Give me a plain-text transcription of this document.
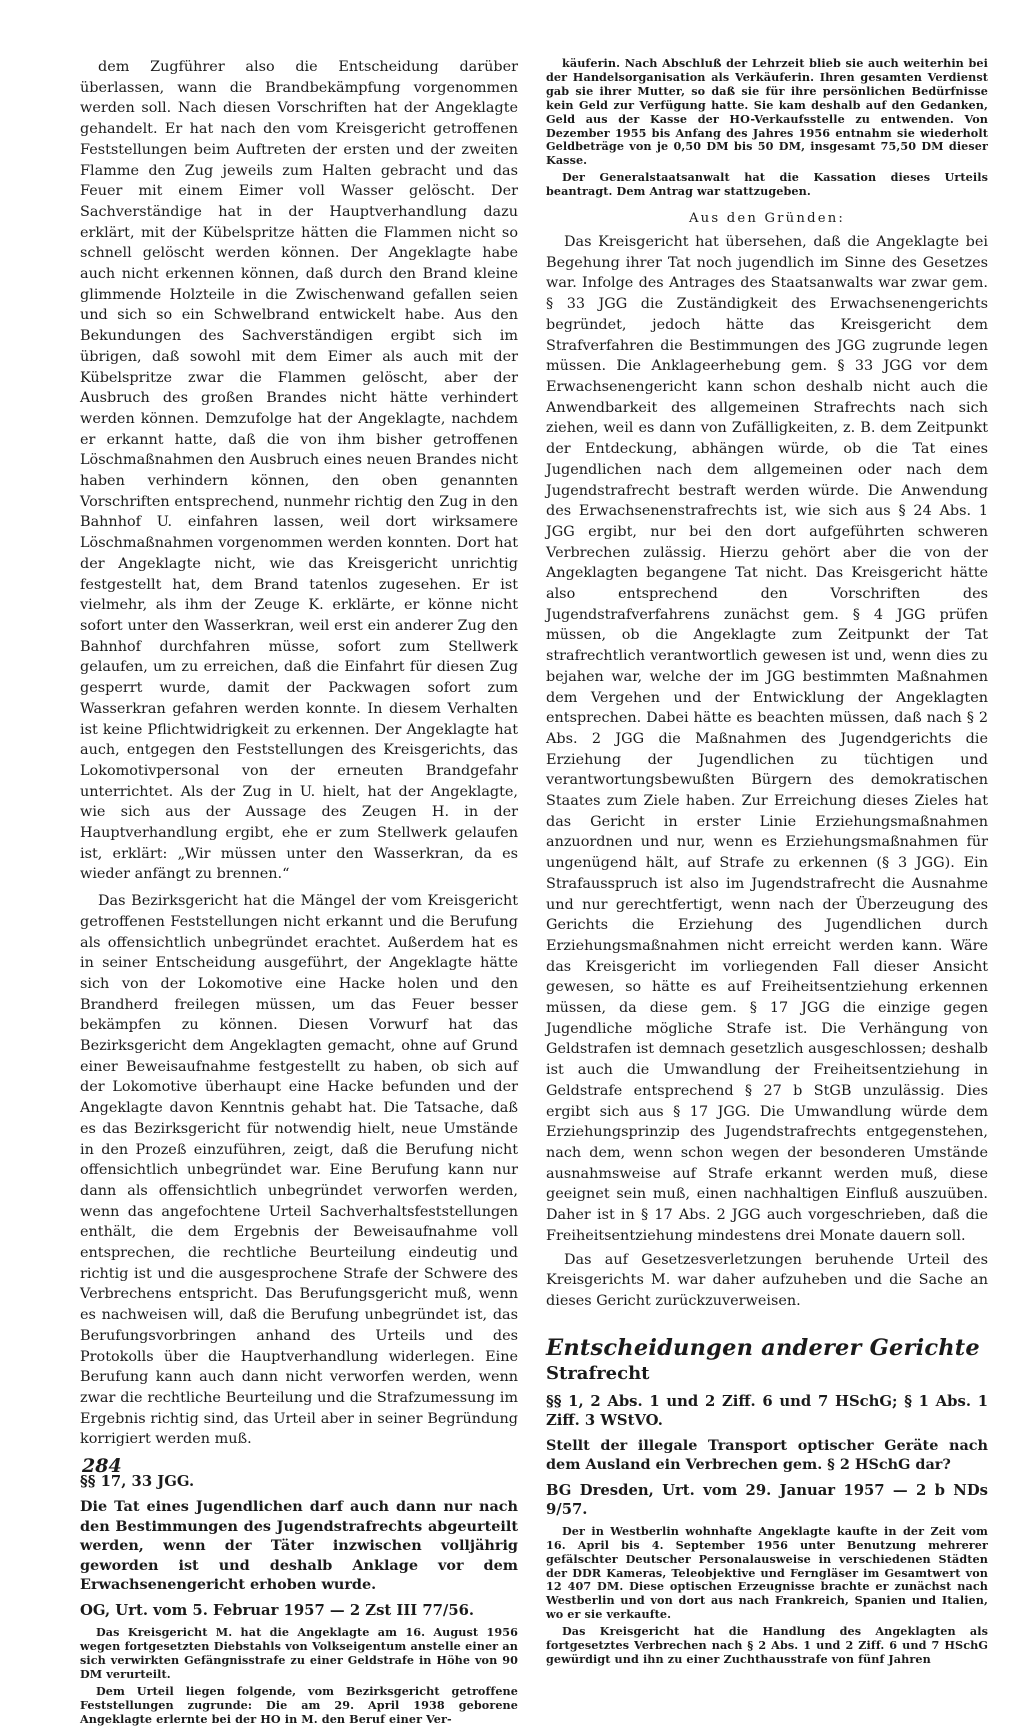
dem Zugführer also die Entscheidung darüber überlassen, wann die Brandbekämpfung vorgenommen werden soll. Nach diesen Vorschriften hat der Angeklagte gehandelt. Er hat nach den vom Kreisgericht getroffenen Feststellungen beim Auftreten der ersten und der zweiten Flamme den Zug jeweils zum Halten gebracht und das Feuer mit einem Eimer voll Wasser gelöscht. Der Sachverständige hat in der Hauptverhandlung dazu erklärt, mit der Kübelspritze hätten die Flammen nicht so schnell gelöscht werden können. Der Angeklagte habe auch nicht erkennen können, daß durch den Brand kleine glimmende Holzteile in die Zwischenwand gefallen seien und sich so ein Schwelbrand entwickelt habe. Aus den Bekundungen des Sachverständigen ergibt sich im übrigen, daß sowohl mit dem Eimer als auch mit der Kübelspritze zwar die Flammen gelöscht, aber der Ausbruch des großen Brandes nicht hätte verhindert werden können. Demzufolge hat der Angeklagte, nachdem er erkannt hatte, daß die von ihm bisher getroffenen Löschmaßnahmen den Ausbruch eines neuen Brandes nicht haben verhindern können, den oben genannten Vorschriften entsprechend, nunmehr richtig den Zug in den Bahnhof U. einfahren lassen, weil dort wirksamere Löschmaßnahmen vorgenommen werden konnten. Dort hat der Angeklagte nicht, wie das Kreisgericht unrichtig festgestellt hat, dem Brand tatenlos zugesehen. Er ist vielmehr, als ihm der Zeuge K. erklärte, er könne nicht sofort unter den Wasserkran, weil erst ein anderer Zug den Bahnhof durchfahren müsse, sofort zum Stellwerk gelaufen, um zu erreichen, daß die Einfahrt für diesen Zug gesperrt wurde, damit der Packwagen sofort zum Wasserkran gefahren werden konnte. In diesem Verhalten ist keine Pflichtwidrigkeit zu erkennen. Der Angeklagte hat auch, entgegen den Feststellungen des Kreisgerichts, das Lokomotivpersonal von der erneuten Brandgefahr unterrichtet. Als der Zug in U. hielt, hat der Angeklagte, wie sich aus der Aussage des Zeugen H. in der Hauptverhandlung ergibt, ehe er zum Stellwerk gelaufen ist, erklärt: „Wir müssen unter den Wasserkran, da es wieder anfängt zu brennen.“

Das Bezirksgericht hat die Mängel der vom Kreisgericht getroffenen Feststellungen nicht erkannt und die Berufung als offensichtlich unbegründet erachtet. Außerdem hat es in seiner Entscheidung ausgeführt, der Angeklagte hätte sich von der Lokomotive eine Hacke holen und den Brandherd freilegen müssen, um das Feuer besser bekämpfen zu können. Diesen Vorwurf hat das Bezirksgericht dem Angeklagten gemacht, ohne auf Grund einer Beweisaufnahme festgestellt zu haben, ob sich auf der Lokomotive überhaupt eine Hacke befunden und der Angeklagte davon Kenntnis gehabt hat. Die Tatsache, daß es das Bezirksgericht für notwendig hielt, neue Umstände in den Prozeß einzuführen, zeigt, daß die Berufung nicht offensichtlich unbegründet war. Eine Berufung kann nur dann als offensichtlich unbegründet verworfen werden, wenn das angefochtene Urteil Sachverhaltsfeststellungen enthält, die dem Ergebnis der Beweisaufnahme voll entsprechen, die rechtliche Beurteilung eindeutig und richtig ist und die ausgesprochene Strafe der Schwere des Verbrechens entspricht. Das Berufungsgericht muß, wenn es nachweisen will, daß die Berufung unbegründet ist, das Berufungsvorbringen anhand des Urteils und des Protokolls über die Hauptverhandlung widerlegen. Eine Berufung kann auch dann nicht verworfen werden, wenn zwar die rechtliche Beurteilung und die Strafzumessung im Ergebnis richtig sind, das Urteil aber in seiner Begründung korrigiert werden muß.

§§ 17, 33 JGG.

Die Tat eines Jugendlichen darf auch dann nur nach den Bestimmungen des Jugendstrafrechts abgeurteilt werden, wenn der Täter inzwischen volljährig geworden ist und deshalb Anklage vor dem Erwachsenengericht erhoben wurde.

OG, Urt. vom 5. Februar 1957 — 2 Zst III 77/56.

Das Kreisgericht M. hat die Angeklagte am 16. August 1956 wegen fortgesetzten Diebstahls von Volkseigentum anstelle einer an sich verwirkten Gefängnisstrafe zu einer Geldstrafe in Höhe von 90 DM verurteilt.

Dem Urteil liegen folgende, vom Bezirksgericht getroffene Feststellungen zugrunde: Die am 29. April 1938 geborene Angeklagte erlernte bei der HO in M. den Beruf einer Ver-

käuferin. Nach Abschluß der Lehrzeit blieb sie auch weiterhin bei der Handelsorganisation als Verkäuferin. Ihren gesamten Verdienst gab sie ihrer Mutter, so daß sie für ihre persönlichen Bedürfnisse kein Geld zur Verfügung hatte. Sie kam deshalb auf den Gedanken, Geld aus der Kasse der HO-Verkaufsstelle zu entwenden. Von Dezember 1955 bis Anfang des Jahres 1956 entnahm sie wiederholt Geldbeträge von je 0,50 DM bis 50 DM, insgesamt 75,50 DM dieser Kasse.

Der Generalstaatsanwalt hat die Kassation dieses Urteils beantragt. Dem Antrag war stattzugeben.

Aus den Gründen:

Das Kreisgericht hat übersehen, daß die Angeklagte bei Begehung ihrer Tat noch jugendlich im Sinne des Gesetzes war. Infolge des Antrages des Staatsanwalts war zwar gem. § 33 JGG die Zuständigkeit des Erwachsenengerichts begründet, jedoch hätte das Kreisgericht dem Strafverfahren die Bestimmungen des JGG zugrunde legen müssen. Die Anklageerhebung gem. § 33 JGG vor dem Erwachsenengericht kann schon deshalb nicht auch die Anwendbarkeit des allgemeinen Strafrechts nach sich ziehen, weil es dann von Zufälligkeiten, z. B. dem Zeitpunkt der Entdeckung, abhängen würde, ob die Tat eines Jugendlichen nach dem allgemeinen oder nach dem Jugendstrafrecht bestraft werden würde. Die Anwendung des Erwachsenenstrafrechts ist, wie sich aus § 24 Abs. 1 JGG ergibt, nur bei den dort aufgeführten schweren Verbrechen zulässig. Hierzu gehört aber die von der Angeklagten begangene Tat nicht. Das Kreisgericht hätte also entsprechend den Vorschriften des Jugendstrafverfahrens zunächst gem. § 4 JGG prüfen müssen, ob die Angeklagte zum Zeitpunkt der Tat strafrechtlich verantwortlich gewesen ist und, wenn dies zu bejahen war, welche der im JGG bestimmten Maßnahmen dem Vergehen und der Entwicklung der Angeklagten entsprechen. Dabei hätte es beachten müssen, daß nach § 2 Abs. 2 JGG die Maßnahmen des Jugendgerichts die Erziehung der Jugendlichen zu tüchtigen und verantwortungsbewußten Bürgern des demokratischen Staates zum Ziele haben. Zur Erreichung dieses Zieles hat das Gericht in erster Linie Erziehungsmaßnahmen anzuordnen und nur, wenn es Erziehungsmaßnahmen für ungenügend hält, auf Strafe zu erkennen (§ 3 JGG). Ein Strafausspruch ist also im Jugendstrafrecht die Ausnahme und nur gerechtfertigt, wenn nach der Überzeugung des Gerichts die Erziehung des Jugendlichen durch Erziehungsmaßnahmen nicht erreicht werden kann. Wäre das Kreisgericht im vorliegenden Fall dieser Ansicht gewesen, so hätte es auf Freiheitsentziehung erkennen müssen, da diese gem. § 17 JGG die einzige gegen Jugendliche mögliche Strafe ist. Die Verhängung von Geldstrafen ist demnach gesetzlich ausgeschlossen; deshalb ist auch die Umwandlung der Freiheitsentziehung in Geldstrafe entsprechend § 27 b StGB unzulässig. Dies ergibt sich aus § 17 JGG. Die Umwandlung würde dem Erziehungsprinzip des Jugendstrafrechts entgegenstehen, nach dem, wenn schon wegen der besonderen Umstände ausnahmsweise auf Strafe erkannt werden muß, diese geeignet sein muß, einen nachhaltigen Einfluß auszuüben. Daher ist in § 17 Abs. 2 JGG auch vorgeschrieben, daß die Freiheitsentziehung mindestens drei Monate dauern soll.

Das auf Gesetzesverletzungen beruhende Urteil des Kreisgerichts M. war daher aufzuheben und die Sache an dieses Gericht zurückzuverweisen.

Entscheidungen anderer Gerichte

Strafrecht

§§ 1, 2 Abs. 1 und 2 Ziff. 6 und 7 HSchG; § 1 Abs. 1 Ziff. 3 WStVO.

Stellt der illegale Transport optischer Geräte nach dem Ausland ein Verbrechen gem. § 2 HSchG dar?

BG Dresden, Urt. vom 29. Januar 1957 — 2 b NDs 9/57.

Der in Westberlin wohnhafte Angeklagte kaufte in der Zeit vom 16. April bis 4. September 1956 unter Benutzung mehrerer gefälschter Deutscher Personalausweise in verschiedenen Städten der DDR Kameras, Teleobjektive und Ferngläser im Gesamtwert von 12 407 DM. Diese optischen Erzeugnisse brachte er zunächst nach Westberlin und von dort aus nach Frankreich, Spanien und Italien, wo er sie verkaufte.

Das Kreisgericht hat die Handlung des Angeklagten als fortgesetztes Verbrechen nach § 2 Abs. 1 und 2 Ziff. 6 und 7 HSchG gewürdigt und ihn zu einer Zuchthausstrafe von fünf Jahren

284
